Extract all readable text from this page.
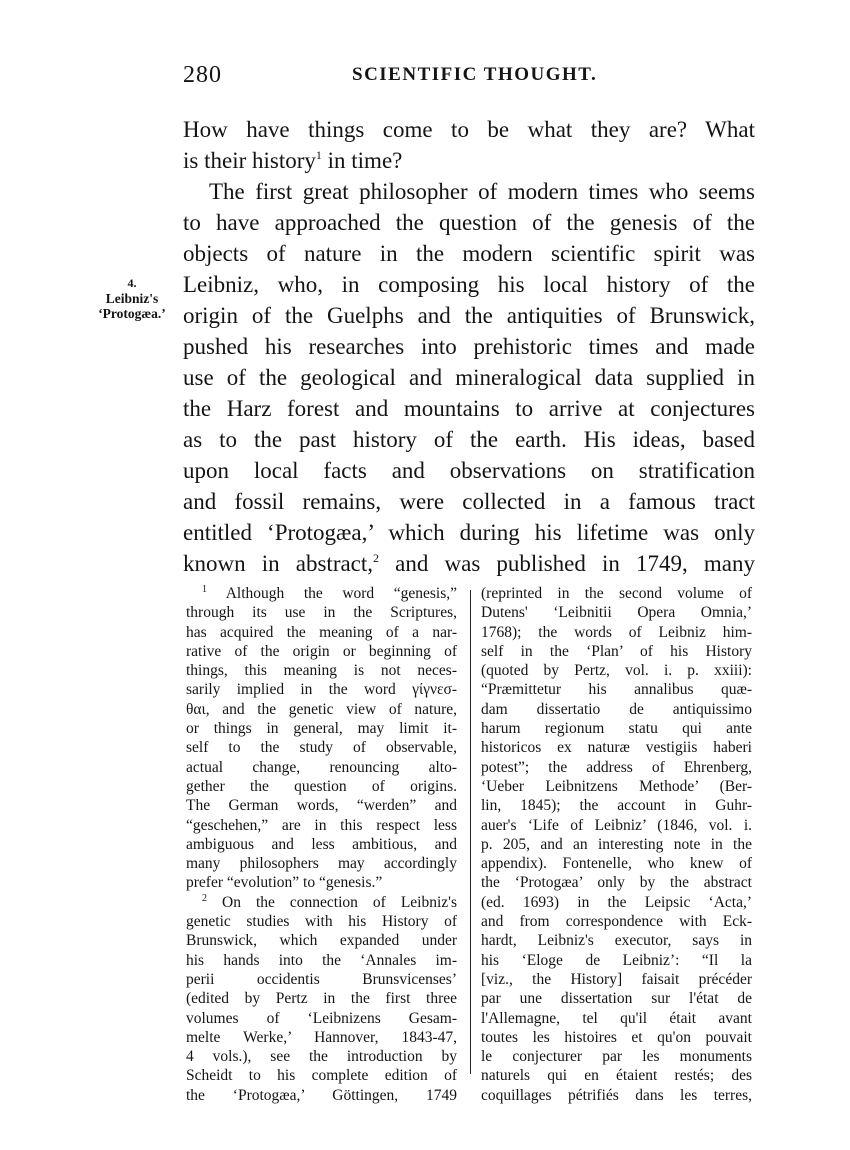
280	SCIENTIFIC THOUGHT.
4.
Leibniz's
‘Protogæa.’
How have things come to be what they are? What
is their history$^1$ in time?
The first great philosopher of modern times who seems
to have approached the question of the genesis of the
objects of nature in the modern scientific spirit was
Leibniz, who, in composing his local history of the
origin of the Guelphs and the antiquities of Brunswick,
pushed his researches into prehistoric times and made
use of the geological and mineralogical data supplied in
the Harz forest and mountains to arrive at conjectures
as to the past history of the earth. His ideas, based
upon local facts and observations on stratification
and fossil remains, were collected in a famous tract
entitled ‘Protogæa,’ which during his lifetime was only
known in abstract,$^2$ and was published in 1749, many
$^1$ Although the word “genesis,”
through its use in the Scriptures,
has acquired the meaning of a nar-
rative of the origin or beginning of
things, this meaning is not neces-
sarily implied in the word γίγνεσ-
θαι, and the genetic view of nature,
or things in general, may limit it-
self to the study of observable,
actual change, renouncing alto-
gether the question of origins.
The German words, “werden” and
“geschehen,” are in this respect less
ambiguous and less ambitious, and
many philosophers may accordingly
prefer “evolution” to “genesis.”
$^2$ On the connection of Leibniz's
genetic studies with his History of
Brunswick, which expanded under
his hands into the ‘Annales im-
perii occidentis Brunsvicenses’
(edited by Pertz in the first three
volumes of ‘Leibnizens Gesam-
melte Werke,’ Hannover, 1843-47,
4 vols.), see the introduction by
Scheidt to his complete edition of
the ‘Protogæa,’ Göttingen, 1749
(reprinted in the second volume of
Dutens' ‘Leibnitii Opera Omnia,’
1768); the words of Leibniz him-
self in the ‘Plan’ of his History
(quoted by Pertz, vol. i. p. xxiii):
“Præmittetur his annalibus quæ-
dam dissertatio de antiquissimo
harum regionum statu qui ante
historicos ex naturæ vestigiis haberi
potest”; the address of Ehrenberg,
‘Ueber Leibnitzens Methode’ (Ber-
lin, 1845); the account in Guhr-
auer's ‘Life of Leibniz’ (1846, vol. i.
p. 205, and an interesting note in the
appendix). Fontenelle, who knew of
the ‘Protogæa’ only by the abstract
(ed. 1693) in the Leipsic ‘Acta,’
and from correspondence with Eck-
hardt, Leibniz's executor, says in
his ‘Eloge de Leibniz’: “Il la
[viz., the History] faisait précéder
par une dissertation sur l'état de
l'Allemagne, tel qu'il était avant
toutes les histoires et qu'on pouvait
le conjecturer par les monuments
naturels qui en étaient restés; des
coquillages pétrifiés dans les terres,
